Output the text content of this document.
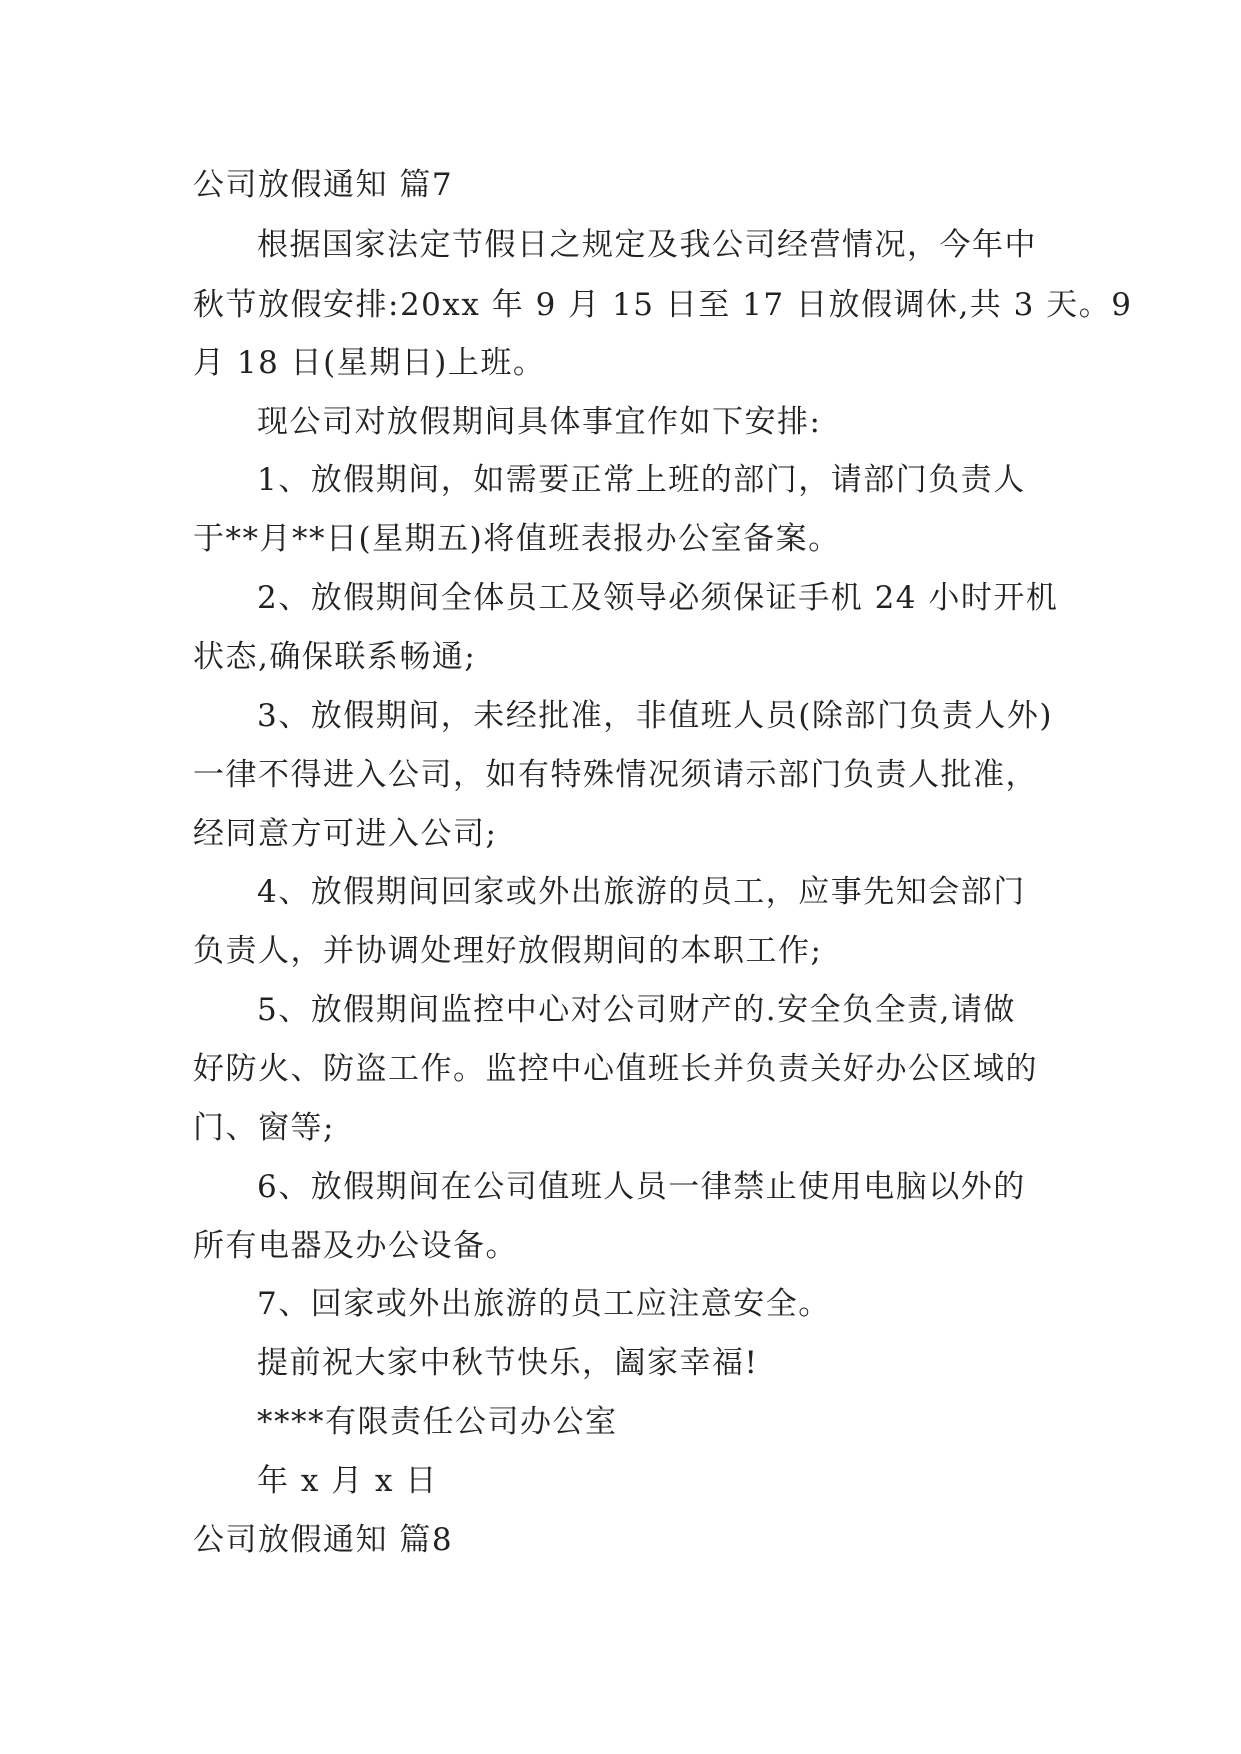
公司放假通知 篇7
根据国家法定节假日之规定及我公司经营情况，今年中
秋节放假安排:20xx 年 9 月 15 日至 17 日放假调休,共 3 天。9
月 18 日(星期日)上班。
现公司对放假期间具体事宜作如下安排:
1、放假期间，如需要正常上班的部门，请部门负责人
于**月**日(星期五)将值班表报办公室备案。
2、放假期间全体员工及领导必须保证手机 24 小时开机
状态,确保联系畅通;
3、放假期间，未经批准，非值班人员(除部门负责人外)
一律不得进入公司，如有特殊情况须请示部门负责人批准，
经同意方可进入公司;
4、放假期间回家或外出旅游的员工，应事先知会部门
负责人，并协调处理好放假期间的本职工作;
5、放假期间监控中心对公司财产的.安全负全责,请做
好防火、防盗工作。监控中心值班长并负责关好办公区域的
门、窗等;
6、放假期间在公司值班人员一律禁止使用电脑以外的
所有电器及办公设备。
7、回家或外出旅游的员工应注意安全。
提前祝大家中秋节快乐，阖家幸福!
****有限责任公司办公室
年 x 月 x 日
公司放假通知 篇8
